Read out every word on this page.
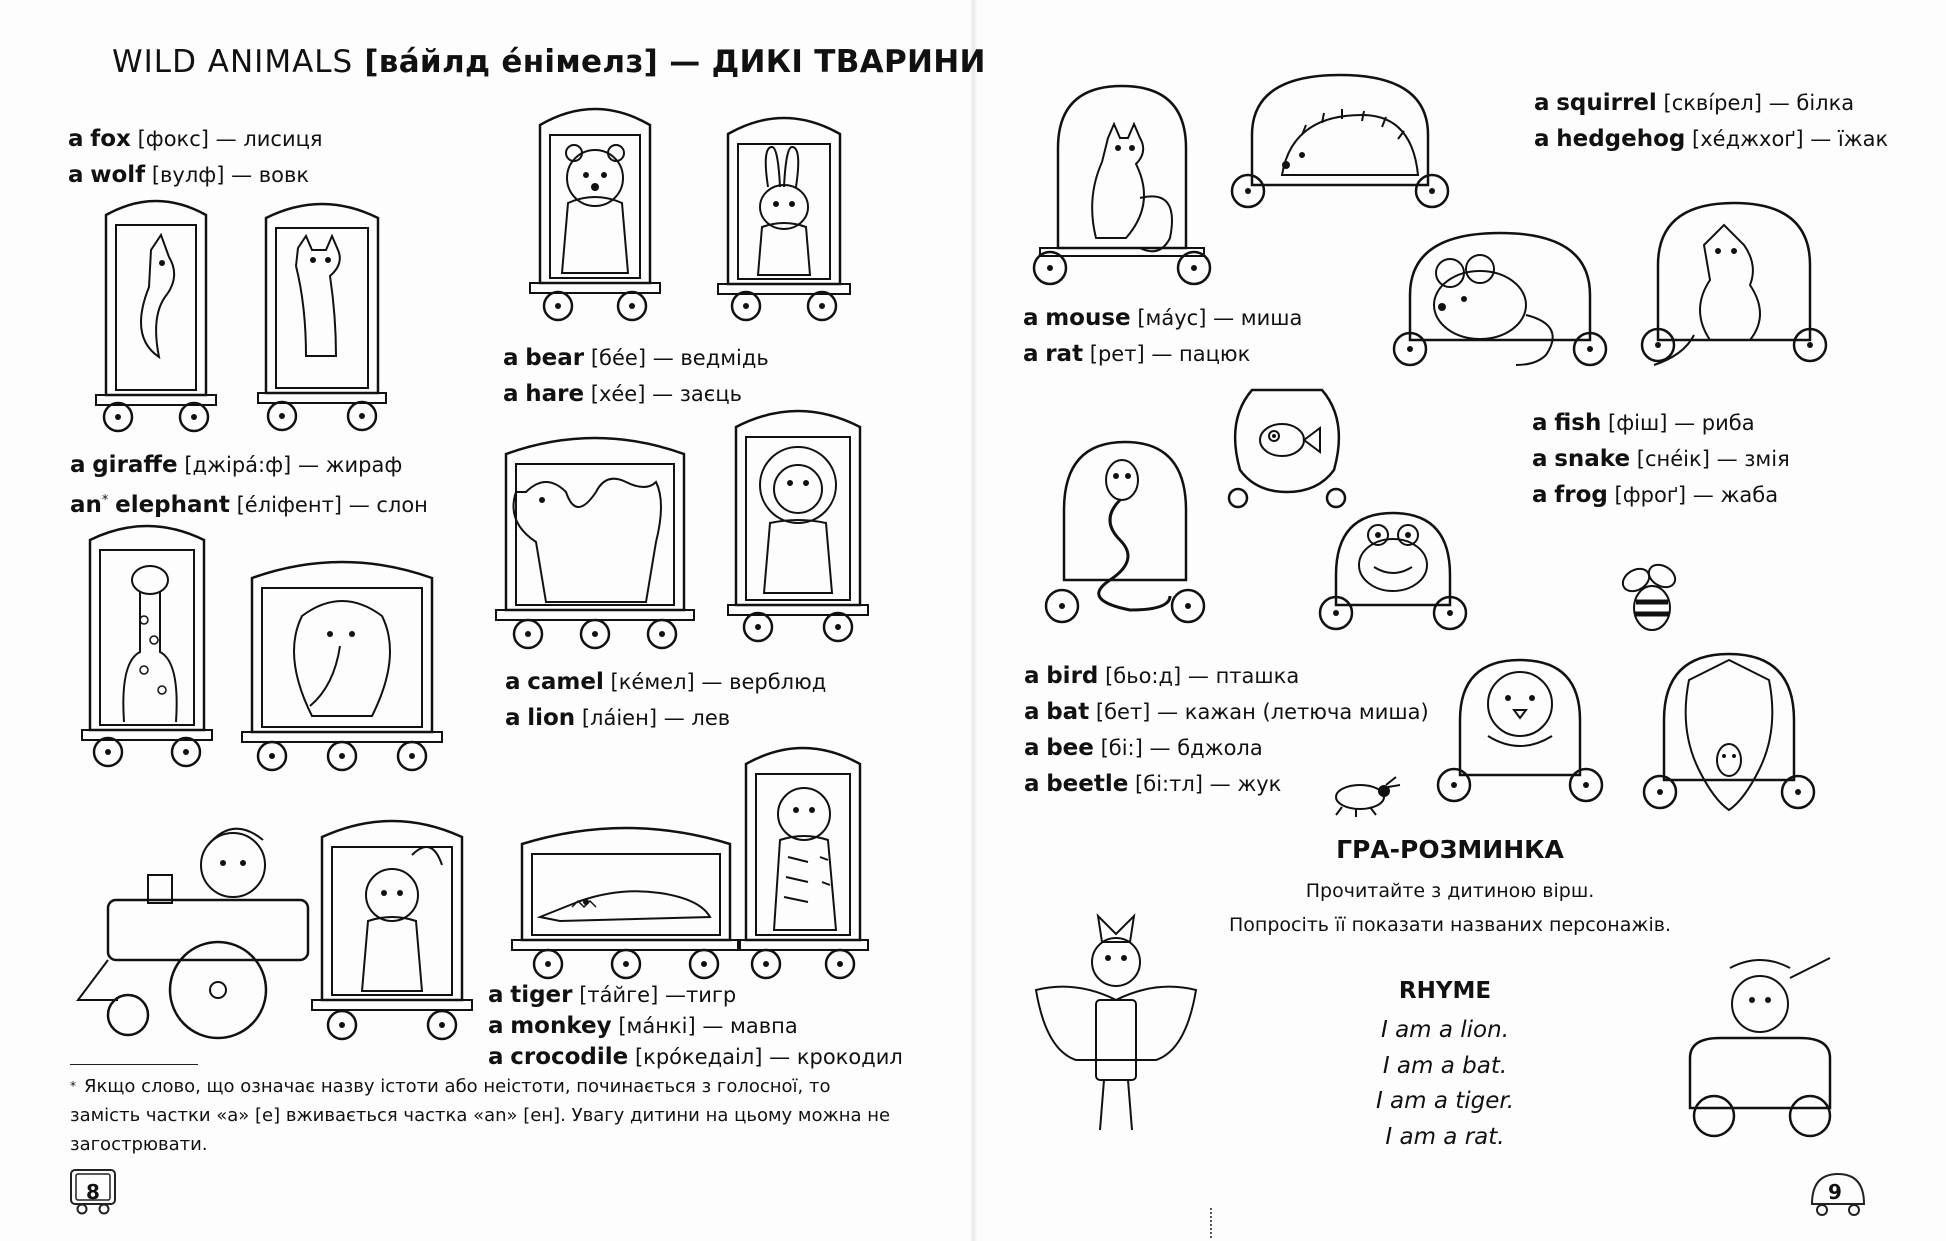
WILD ANIMALS [ва́йлд е́німелз] — ДИКІ ТВАРИНИ
a fox [фокс] — лисиця
a wolf [вулф] — вовк
a bear [бе́е] — ведмідь
a hare [хе́е] — заєць
a giraffe [джіра́:ф] — жираф
an* elephant [е́ліфент] — слон
a camel [ке́мел] — верблюд
a lion [ла́іен] — лев
a tiger [та́йге] —тигр
a monkey [ма́нкі] — мавпа
a crocodile [кро́кедаіл] — крокодил
* Якщо слово, що означає назву істоти або неістоти, починається з голосної, то замість частки «a» [е] вживається частка «an» [ен]. Увагу дитини на цьому можна не загострювати.
8
a squirrel [сквíрел] — білка
a hedgehog [хе́джхоґ] — їжак
a mouse [ма́ус] — миша
a rat [рет] — пацюк
a fish [фіш] — риба
a snake [снéік] — змія
a frog [фроґ] — жаба
a bird [бьо:д] — пташка
a bat [бет] — кажан (летюча миша)
a bee [бі:] — бджола
a beetle [бі:тл] — жук
ГРА-РОЗМИНКА
Прочитайте з дитиною вірш.
Попросіть її показати названих персонажів.
RHYME
I am a lion.
I am a bat.
I am a tiger.
I am a rat.
9
